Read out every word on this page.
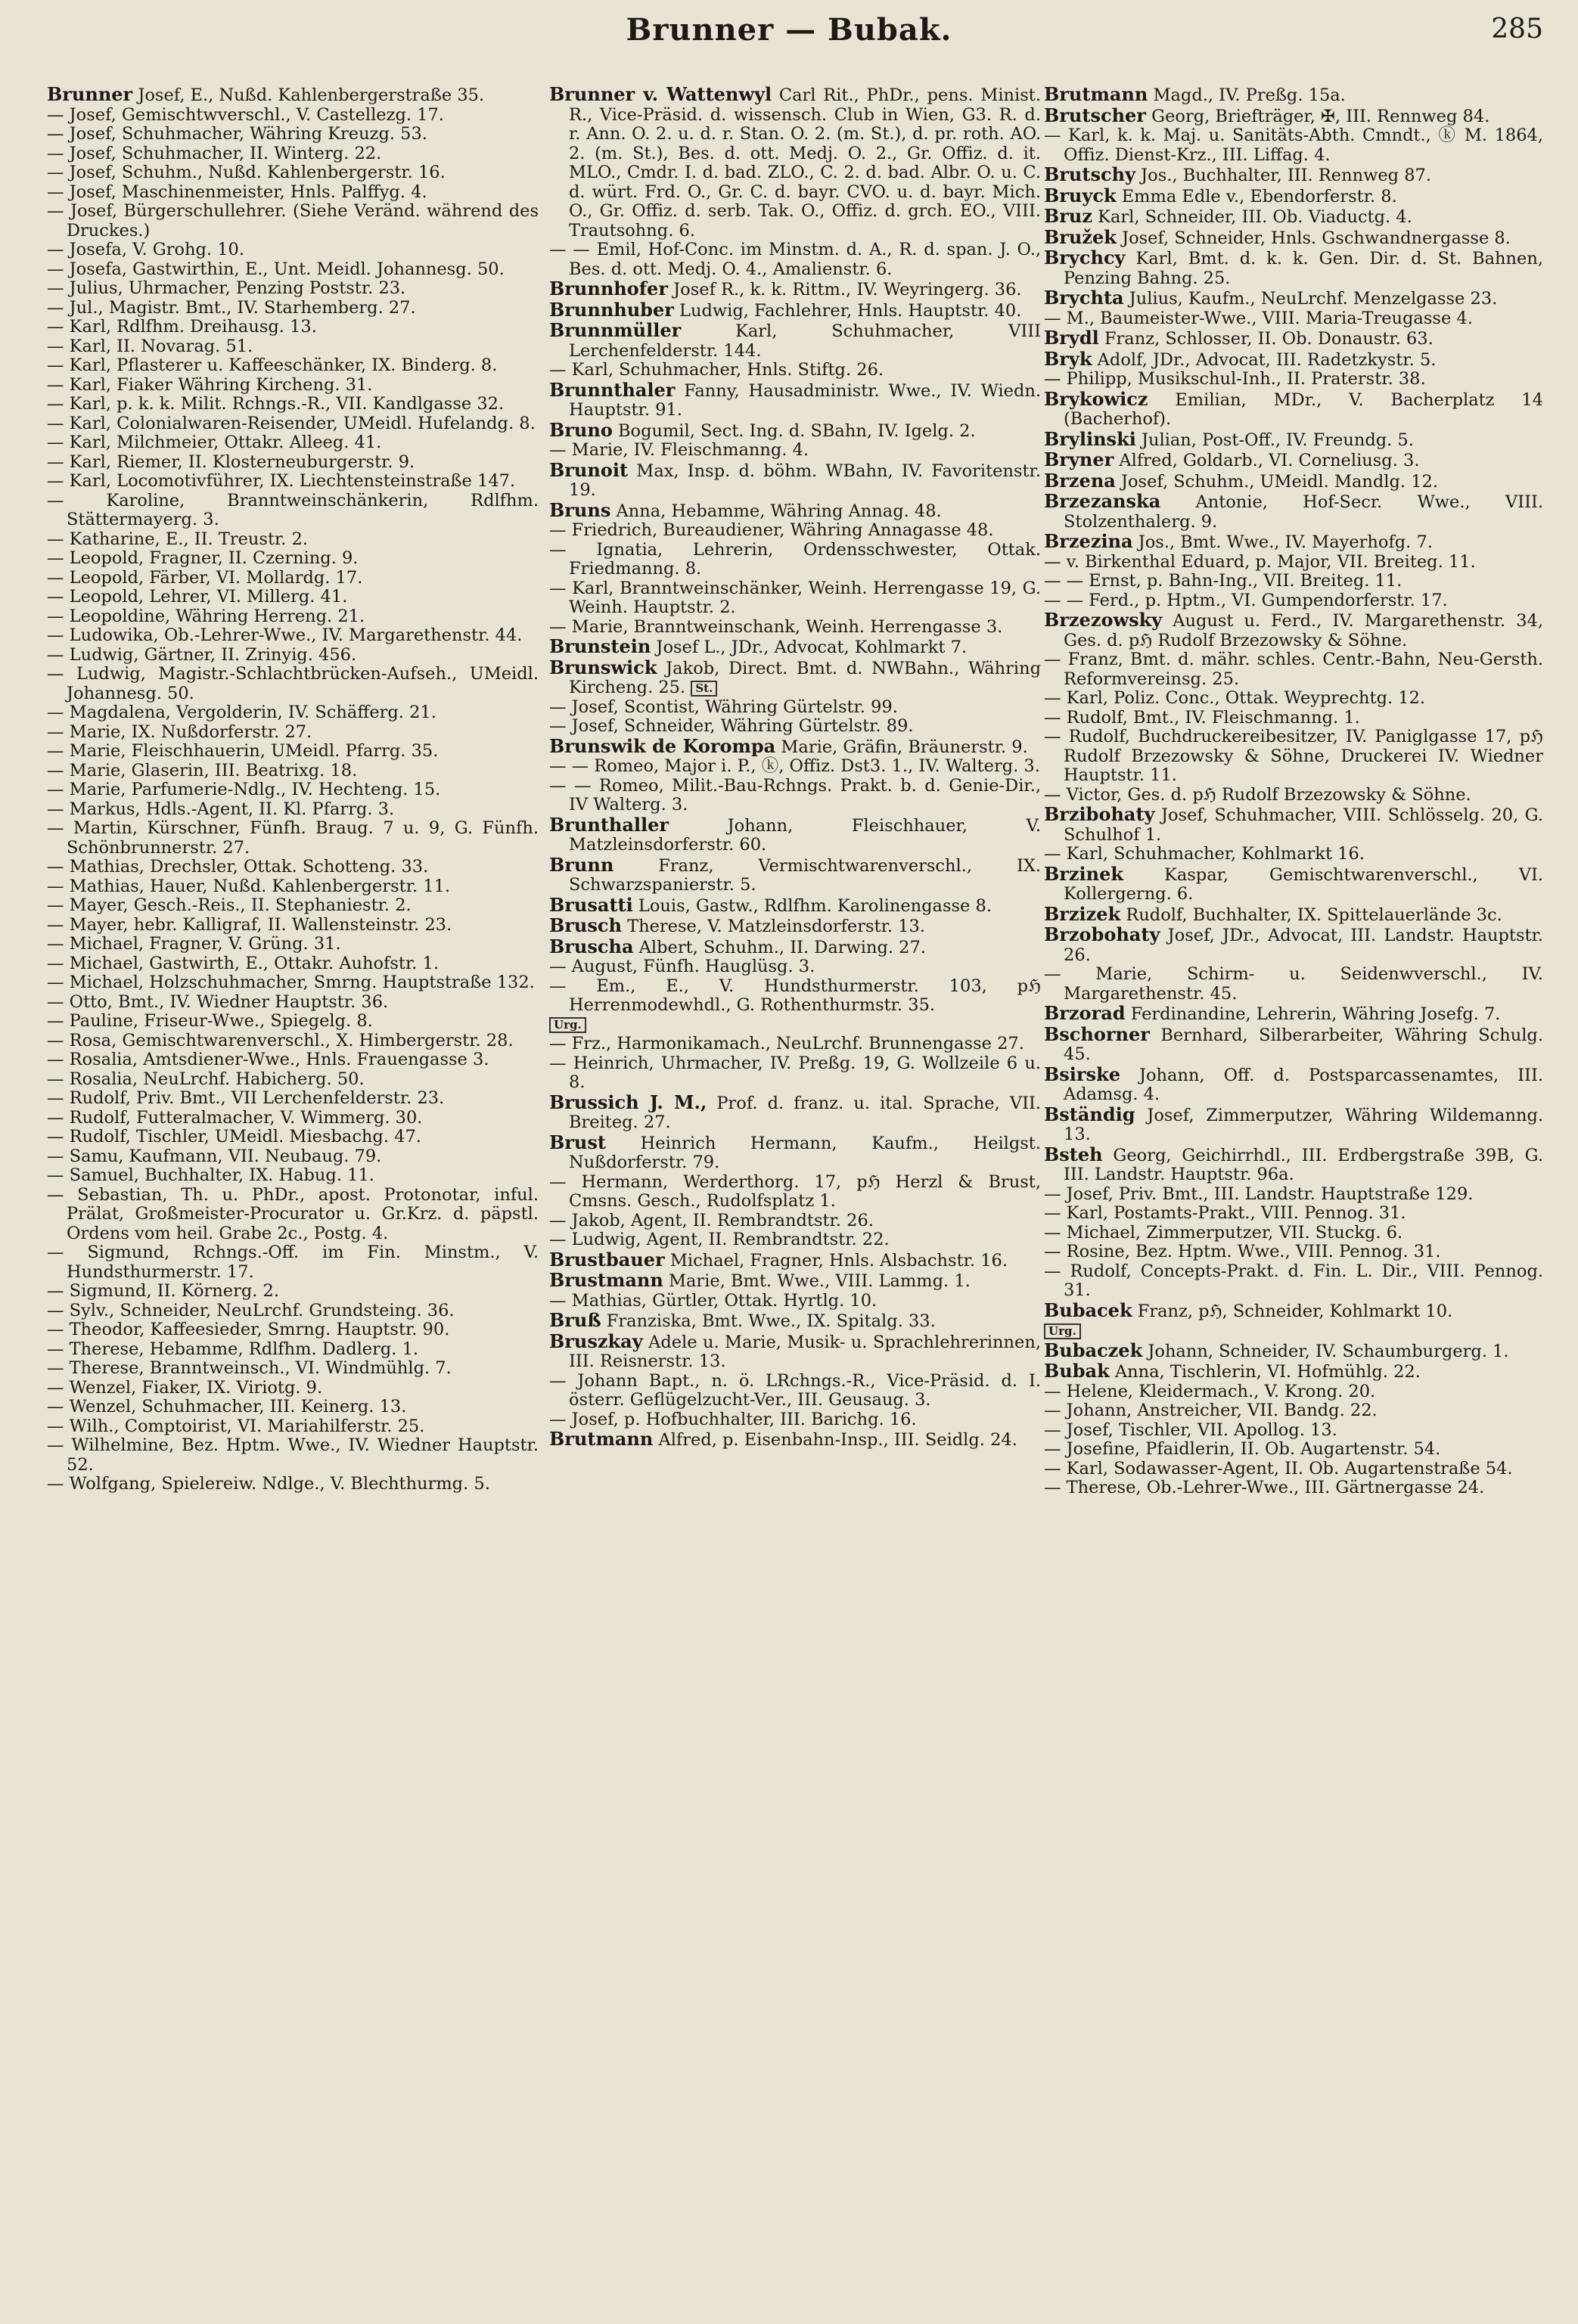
Brunner — Bubak.	285

Brunner Josef, E., Nußd. Kahlenbergerstraße 35.

— Josef, Gemischtwverschl., V. Castellezg. 17.

— Josef, Schuhmacher, Währing Kreuzg. 53.

— Josef, Schuhmacher, II. Winterg. 22.

— Josef, Schuhm., Nußd. Kahlenbergerstr. 16.

— Josef, Maschinenmeister, Hnls. Palffyg. 4.

— Josef, Bürgerschullehrer. (Siehe Veränd. während des Druckes.)

— Josefa, V. Grohg. 10.

— Josefa, Gastwirthin, E., Unt. Meidl. Johannesg. 50.

— Julius, Uhrmacher, Penzing Poststr. 23.

— Jul., Magistr. Bmt., IV. Starhemberg. 27.

— Karl, Rdlfhm. Dreihausg. 13.

— Karl, II. Novarag. 51.

— Karl, Pflasterer u. Kaffeeschänker, IX. Binderg. 8.

— Karl, Fiaker Währing Kircheng. 31.

— Karl, p. k. k. Milit. Rchngs.-R., VII. Kandlgasse 32.

— Karl, Colonialwaren-Reisender, UMeidl. Hufelandg. 8.

— Karl, Milchmeier, Ottakr. Alleeg. 41.

— Karl, Riemer, II. Klosterneuburgerstr. 9.

— Karl, Locomotivführer, IX. Liechtensteinstraße 147.

— Karoline, Branntweinschänkerin, Rdlfhm. Stättermayerg. 3.

— Katharine, E., II. Treustr. 2.

— Leopold, Fragner, II. Czerning. 9.

— Leopold, Färber, VI. Mollardg. 17.

— Leopold, Lehrer, VI. Millerg. 41.

— Leopoldine, Währing Herreng. 21.

— Ludowika, Ob.-Lehrer-Wwe., IV. Margarethenstr. 44.

— Ludwig, Gärtner, II. Zrinyig. 456.

— Ludwig, Magistr.-Schlachtbrücken-Aufseh., UMeidl. Johannesg. 50.

— Magdalena, Vergolderin, IV. Schäfferg. 21.

— Marie, IX. Nußdorferstr. 27.

— Marie, Fleischhauerin, UMeidl. Pfarrg. 35.

— Marie, Glaserin, III. Beatrixg. 18.

— Marie, Parfumerie-Ndlg., IV. Hechteng. 15.

— Markus, Hdls.-Agent, II. Kl. Pfarrg. 3.

— Martin, Kürschner, Fünfh. Braug. 7 u. 9, G. Fünfh. Schönbrunnerstr. 27.

— Mathias, Drechsler, Ottak. Schotteng. 33.

— Mathias, Hauer, Nußd. Kahlenbergerstr. 11.

— Mayer, Gesch.-Reis., II. Stephaniestr. 2.

— Mayer, hebr. Kalligraf, II. Wallensteinstr. 23.

— Michael, Fragner, V. Grüng. 31.

— Michael, Gastwirth, E., Ottakr. Auhofstr. 1.

— Michael, Holzschuhmacher, Smrng. Hauptstraße 132.

— Otto, Bmt., IV. Wiedner Hauptstr. 36.

— Pauline, Friseur-Wwe., Spiegelg. 8.

— Rosa, Gemischtwarenverschl., X. Himbergerstr. 28.

— Rosalia, Amtsdiener-Wwe., Hnls. Frauengasse 3.

— Rosalia, NeuLrchf. Habicherg. 50.

— Rudolf, Priv. Bmt., VII Lerchenfelderstr. 23.

— Rudolf, Futteralmacher, V. Wimmerg. 30.

— Rudolf, Tischler, UMeidl. Miesbachg. 47.

— Samu, Kaufmann, VII. Neubaug. 79.

— Samuel, Buchhalter, IX. Habug. 11.

— Sebastian, Th. u. PhDr., apost. Protonotar, inful. Prälat, Großmeister-Procurator u. Gr.Krz. d. päpstl. Ordens vom heil. Grabe 2c., Postg. 4.

— Sigmund, Rchngs.-Off. im Fin. Minstm., V. Hundsthurmerstr. 17.

— Sigmund, II. Körnerg. 2.

— Sylv., Schneider, NeuLrchf. Grundsteing. 36.

— Theodor, Kaffeesieder, Smrng. Hauptstr. 90.

— Therese, Hebamme, Rdlfhm. Dadlerg. 1.

— Therese, Branntweinsch., VI. Windmühlg. 7.

— Wenzel, Fiaker, IX. Viriotg. 9.

— Wenzel, Schuhmacher, III. Keinerg. 13.

— Wilh., Comptoirist, VI. Mariahilferstr. 25.

— Wilhelmine, Bez. Hptm. Wwe., IV. Wiedner Hauptstr. 52.

— Wolfgang, Spielereiw. Ndlge., V. Blechthurmg. 5.

Brunner v. Wattenwyl Carl Rit., PhDr., pens. Minist. R., Vice-Präsid. d. wissensch. Club in Wien, G3. R. d. r. Ann. O. 2. u. d. r. Stan. O. 2. (m. St.), d. pr. roth. AO. 2. (m. St.), Bes. d. ott. Medj. O. 2., Gr. Offiz. d. it. MLO., Cmdr. I. d. bad. ZLO., C. 2. d. bad. Albr. O. u. C. d. würt. Frd. O., Gr. C. d. bayr. CVO. u. d. bayr. Mich. O., Gr. Offiz. d. serb. Tak. O., Offiz. d. grch. EO., VIII. Trautsohng. 6.

— — Emil, Hof-Conc. im Minstm. d. A., R. d. span. J. O., Bes. d. ott. Medj. O. 4., Amalienstr. 6.

Brunnhofer Josef R., k. k. Rittm., IV. Weyringerg. 36.

Brunnhuber Ludwig, Fachlehrer, Hnls. Hauptstr. 40.

Brunnmüller	Karl, Schuhmacher, VIII Lerchenfelderstr. 144.

— Karl, Schuhmacher, Hnls. Stiftg. 26.

Brunnthaler Fanny, Hausadministr. Wwe., IV. Wiedn. Hauptstr. 91.

Bruno Bogumil, Sect. Ing. d. SBahn, IV. Igelg. 2.

— Marie, IV. Fleischmanng. 4.

Brunoit Max, Insp. d. böhm. WBahn, IV. Favoritenstr. 19.

Bruns Anna, Hebamme, Währing Annag. 48.

— Friedrich, Bureaudiener, Währing Annagasse 48.

— Ignatia, Lehrerin, Ordensschwester, Ottak. Friedmanng. 8.

— Karl, Branntweinschänker, Weinh. Herrengasse 19, G. Weinh. Hauptstr. 2.

— Marie, Branntweinschank, Weinh. Herrengasse 3.

Brunstein Josef L., JDr., Advocat, Kohlmarkt 7.

Brunswick Jakob, Direct. Bmt. d. NWBahn., Währing Kircheng. 25. St.

— Josef, Scontist, Währing Gürtelstr. 99.

— Josef, Schneider, Währing Gürtelstr. 89.

Brunswik de Korompa Marie, Gräfin, Bräunerstr. 9.

— — Romeo, Major i. P., ⓚ, Offiz. Dst3. 1., IV. Walterg. 3.

— — Romeo, Milit.-Bau-Rchngs. Prakt. b. d. Genie-Dir., IV Walterg. 3.

Brunthaller	Johann, Fleischhauer, V. Matzleinsdorferstr. 60.

Brunn	Franz, Vermischtwarenverschl., IX. Schwarzspanierstr. 5.

Brusatti Louis, Gastw., Rdlfhm. Karolinengasse 8.

Brusch Therese, V. Matzleinsdorferstr. 13.

Bruscha Albert, Schuhm., II. Darwing. 27.

— August, Fünfh. Hauglüsg. 3.

— Em., E., V. Hundsthurmerstr. 103, pℌ Herrenmodewhdl., G. Rothenthurmstr. 35.

Urg.

— Frz., Harmonikamach., NeuLrchf. Brunnengasse 27.

— Heinrich, Uhrmacher, IV. Preßg. 19, G. Wollzeile 6 u. 8.

Brussich J. M., Prof. d. franz. u. ital. Sprache, VII. Breiteg. 27.

Brust Heinrich Hermann, Kaufm., Heilgst. Nußdorferstr. 79.

— Hermann, Werderthorg. 17, pℌ Herzl & Brust, Cmsns. Gesch., Rudolfsplatz 1.

— Jakob, Agent, II. Rembrandtstr. 26.

— Ludwig, Agent, II. Rembrandtstr. 22.

Brustbauer Michael, Fragner, Hnls. Alsbachstr. 16.

Brustmann Marie, Bmt. Wwe., VIII. Lammg. 1.

— Mathias, Gürtler, Ottak. Hyrtlg. 10.

Bruß Franziska, Bmt. Wwe., IX. Spitalg. 33.

Bruszkay Adele u. Marie, Musik- u. Sprachlehrerinnen, III. Reisnerstr. 13.

— Johann Bapt., n. ö. LRchngs.-R., Vice-Präsid. d. I. österr. Geflügelzucht-Ver., III. Geusaug. 3.

— Josef, p. Hofbuchhalter, III. Barichg. 16.

Brutmann Alfred, p. Eisenbahn-Insp., III. Seidlg. 24.

Brutmann Magd., IV. Preßg. 15a.

Brutscher Georg, Briefträger, ✠, III. Rennweg 84.

— Karl, k. k. Maj. u. Sanitäts-Abth. Cmndt., ⓚ M. 1864, Offiz. Dienst-Krz., III. Liffag. 4.

Brutschy Jos., Buchhalter, III. Rennweg 87.

Bruyck Emma Edle v., Ebendorferstr. 8.

Bruz Karl, Schneider, III. Ob. Viaductg. 4.

Bružek Josef, Schneider, Hnls. Gschwandnergasse 8.

Brychcy Karl, Bmt. d. k. k. Gen. Dir. d. St. Bahnen, Penzing Bahng. 25.

Brychta Julius, Kaufm., NeuLrchf. Menzelgasse 23.

— M., Baumeister-Wwe., VIII. Maria-Treugasse 4.

Brydl Franz, Schlosser, II. Ob. Donaustr. 63.

Bryk Adolf, JDr., Advocat, III. Radetzkystr. 5.

— Philipp, Musikschul-Inh., II. Praterstr. 38.

Brykowicz Emilian, MDr., V. Bacherplatz 14 (Bacherhof).

Brylinski Julian, Post-Off., IV. Freundg. 5.

Bryner Alfred, Goldarb., VI. Corneliusg. 3.

Brzena Josef, Schuhm., UMeidl. Mandlg. 12.

Brzezanska Antonie, Hof-Secr. Wwe., VIII. Stolzenthalerg. 9.

Brzezina Jos., Bmt. Wwe., IV. Mayerhofg. 7.

— v. Birkenthal Eduard, p. Major, VII. Breiteg. 11.

— — Ernst, p. Bahn-Ing., VII. Breiteg. 11.

— — Ferd., p. Hptm., VI. Gumpendorferstr. 17.

Brzezowsky August u. Ferd., IV. Margarethenstr. 34, Ges. d. pℌ Rudolf Brzezowsky & Söhne.

— Franz, Bmt. d. mähr. schles. Centr.-Bahn, Neu-Gersth. Reformvereinsg. 25.

— Karl, Poliz. Conc., Ottak. Weyprechtg. 12.

— Rudolf, Bmt., IV. Fleischmanng. 1.

— Rudolf, Buchdruckereibesitzer, IV. Paniglgasse 17, pℌ Rudolf Brzezowsky & Söhne, Druckerei IV. Wiedner Hauptstr. 11.

— Victor, Ges. d. pℌ Rudolf Brzezowsky & Söhne.

Brzibohaty Josef, Schuhmacher, VIII. Schlösselg. 20, G. Schulhof 1.

— Karl, Schuhmacher, Kohlmarkt 16.

Brzinek Kaspar, Gemischtwarenverschl., VI. Kollergerng. 6.

Brzizek Rudolf, Buchhalter, IX. Spittelauerlände 3c.

Brzobohaty Josef, JDr., Advocat, III. Landstr. Hauptstr. 26.

— Marie, Schirm- u. Seidenwverschl., IV. Margarethenstr. 45.

Brzorad Ferdinandine, Lehrerin, Währing Josefg. 7.

Bschorner Bernhard, Silberarbeiter, Währing Schulg. 45.

Bsirske Johann, Off. d. Postsparcassenamtes, III. Adamsg. 4.

Bständig Josef, Zimmerputzer, Währing Wildemanng. 13.

Bsteh Georg, Geichirrhdl., III. Erdbergstraße 39B, G. III. Landstr. Hauptstr. 96a.

— Josef, Priv. Bmt., III. Landstr. Hauptstraße 129.

— Karl, Postamts-Prakt., VIII. Pennog. 31.

— Michael, Zimmerputzer, VII. Stuckg. 6.

— Rosine, Bez. Hptm. Wwe., VIII. Pennog. 31.

— Rudolf, Concepts-Prakt. d. Fin. L. Dir., VIII. Pennog. 31.

Bubacek Franz, pℌ, Schneider, Kohlmarkt 10.

Urg.

Bubaczek Johann, Schneider, IV. Schaumburgerg. 1.

Bubak Anna, Tischlerin, VI. Hofmühlg. 22.

— Helene, Kleidermach., V. Krong. 20.

— Johann, Anstreicher, VII. Bandg. 22.

— Josef, Tischler, VII. Apollog. 13.

— Josefine, Pfaidlerin, II. Ob. Augartenstr. 54.

— Karl, Sodawasser-Agent, II. Ob. Augartenstraße 54.

— Therese, Ob.-Lehrer-Wwe., III. Gärtnergasse 24.
